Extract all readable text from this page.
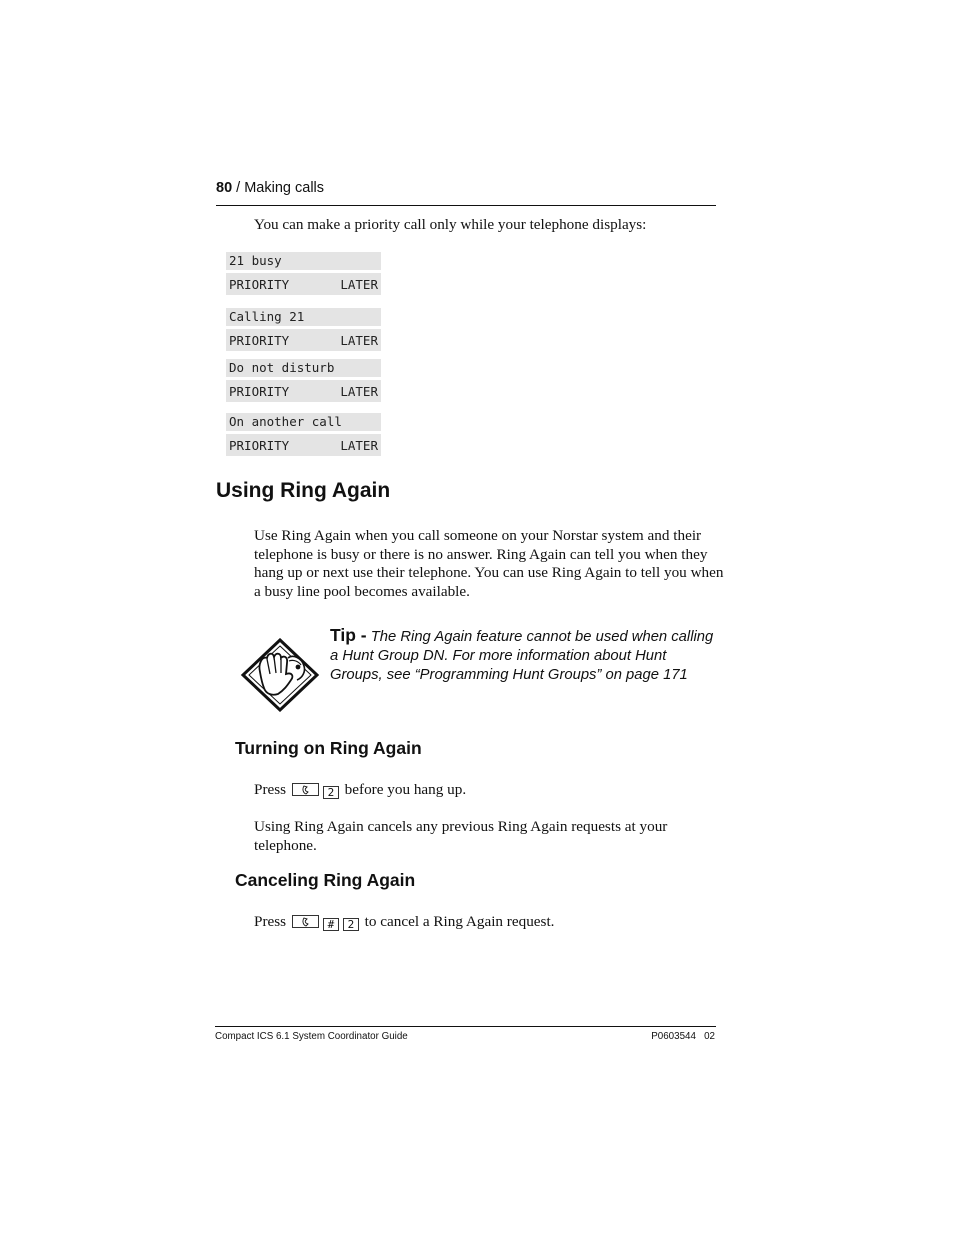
80 / Making calls
You can make a priority call only while your telephone displays:
21 busy
PRIORITY	LATER
Calling 21
PRIORITY	LATER
Do not disturb
PRIORITY	LATER
On another call
PRIORITY	LATER
Using Ring Again
Use Ring Again when you call someone on your Norstar system and their telephone is busy or there is no answer. Ring Again can tell you when they hang up or next use their telephone. You can use Ring Again to tell you when a busy line pool becomes available.
Tip - The Ring Again feature cannot be used when calling a Hunt Group DN. For more information about Hunt Groups, see “Programming Hunt Groups” on page 171
Turning on Ring Again
Press	2 before you hang up.
Using Ring Again cancels any previous Ring Again requests at your telephone.
Canceling Ring Again
Press	# 2 to cancel a Ring Again request.
Compact ICS 6.1 System Coordinator Guide	P0603544   02
